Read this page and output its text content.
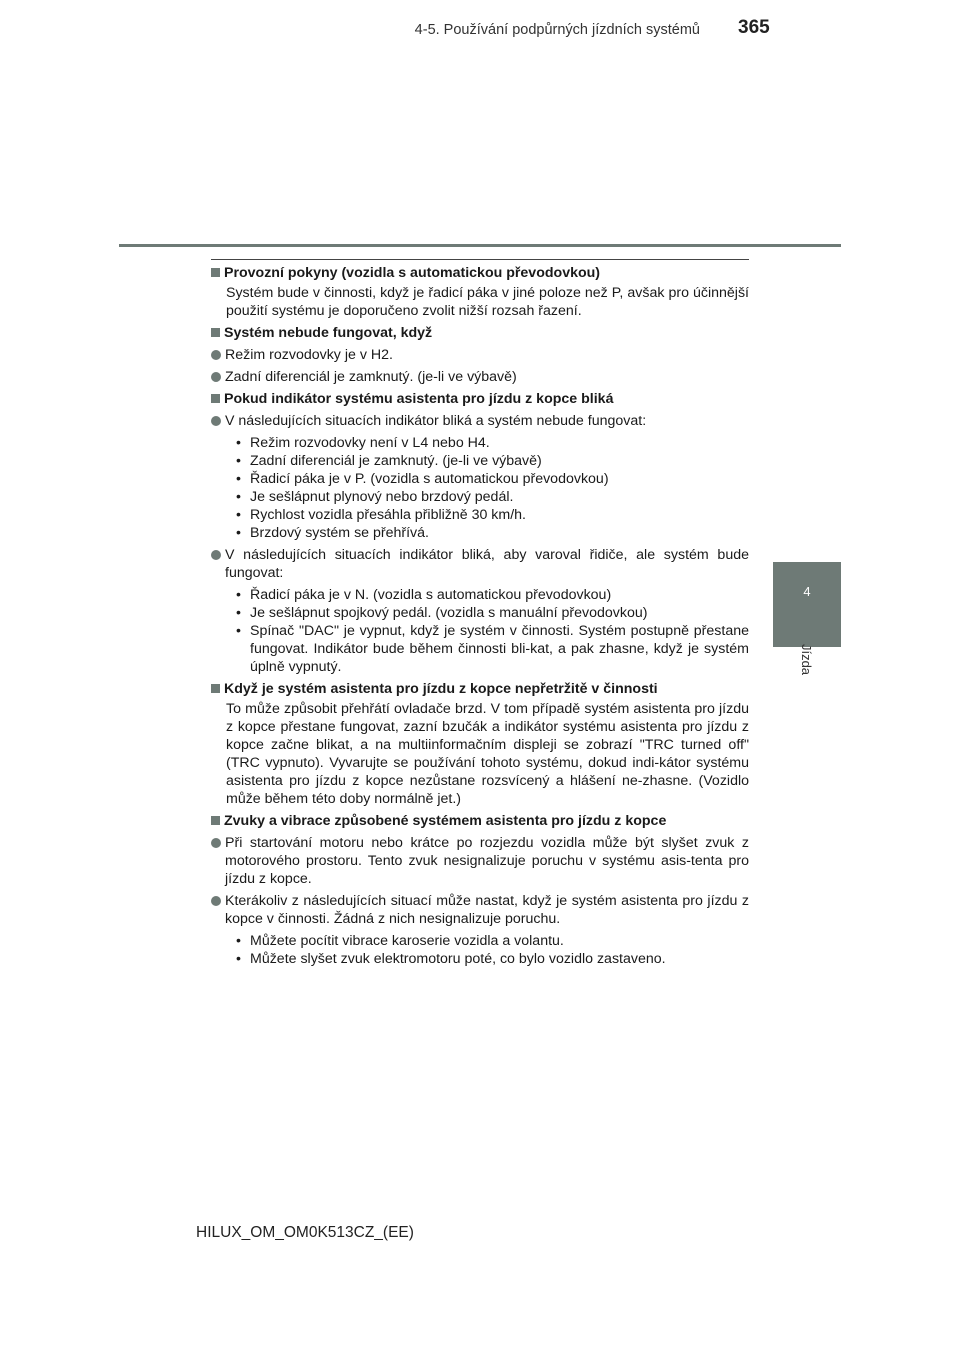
4-5. Používání podpůrných jízdních systémů 365
4
Jízda
Provozní pokyny (vozidla s automatickou převodovkou)
Systém bude v činnosti, když je řadicí páka v jiné poloze než P, avšak pro účinnější použití systému je doporučeno zvolit nižší rozsah řazení.
Systém nebude fungovat, když
Režim rozvodovky je v H2.
Zadní diferenciál je zamknutý. (je-li ve výbavě)
Pokud indikátor systému asistenta pro jízdu z kopce bliká
V následujících situacích indikátor bliká a systém nebude fungovat:
• Režim rozvodovky není v L4 nebo H4.
• Zadní diferenciál je zamknutý. (je-li ve výbavě)
• Řadicí páka je v P. (vozidla s automatickou převodovkou)
• Je sešlápnut plynový nebo brzdový pedál.
• Rychlost vozidla přesáhla přibližně 30 km/h.
• Brzdový systém se přehřívá.
V následujících situacích indikátor bliká, aby varoval řidiče, ale systém bude fungovat:
• Řadicí páka je v N. (vozidla s automatickou převodovkou)
• Je sešlápnut spojkový pedál. (vozidla s manuální převodovkou)
• Spínač "DAC" je vypnut, když je systém v činnosti. Systém postupně přestane fungovat. Indikátor bude během činnosti bli-kat, a pak zhasne, když je systém úplně vypnutý.
Když je systém asistenta pro jízdu z kopce nepřetržitě v činnosti
To může způsobit přehřátí ovladače brzd. V tom případě systém asistenta pro jízdu z kopce přestane fungovat, zazní bzučák a indikátor systému asistenta pro jízdu z kopce začne blikat, a na multiinformačním displeji se zobrazí "TRC turned off" (TRC vypnuto). Vyvarujte se používání tohoto systému, dokud indi-kátor systému asistenta pro jízdu z kopce nezůstane rozsvícený a hlášení ne-zhasne. (Vozidlo může během této doby normálně jet.)
Zvuky a vibrace způsobené systémem asistenta pro jízdu z kopce
Při startování motoru nebo krátce po rozjezdu vozidla může být slyšet zvuk z motorového prostoru. Tento zvuk nesignalizuje poruchu v systému asis-tenta pro jízdu z kopce.
Kterákoliv z následujících situací může nastat, když je systém asistenta pro jízdu z kopce v činnosti. Žádná z nich nesignalizuje poruchu.
• Můžete pocítit vibrace karoserie vozidla a volantu.
• Můžete slyšet zvuk elektromotoru poté, co bylo vozidlo zastaveno.
HILUX_OM_OM0K513CZ_(EE)
